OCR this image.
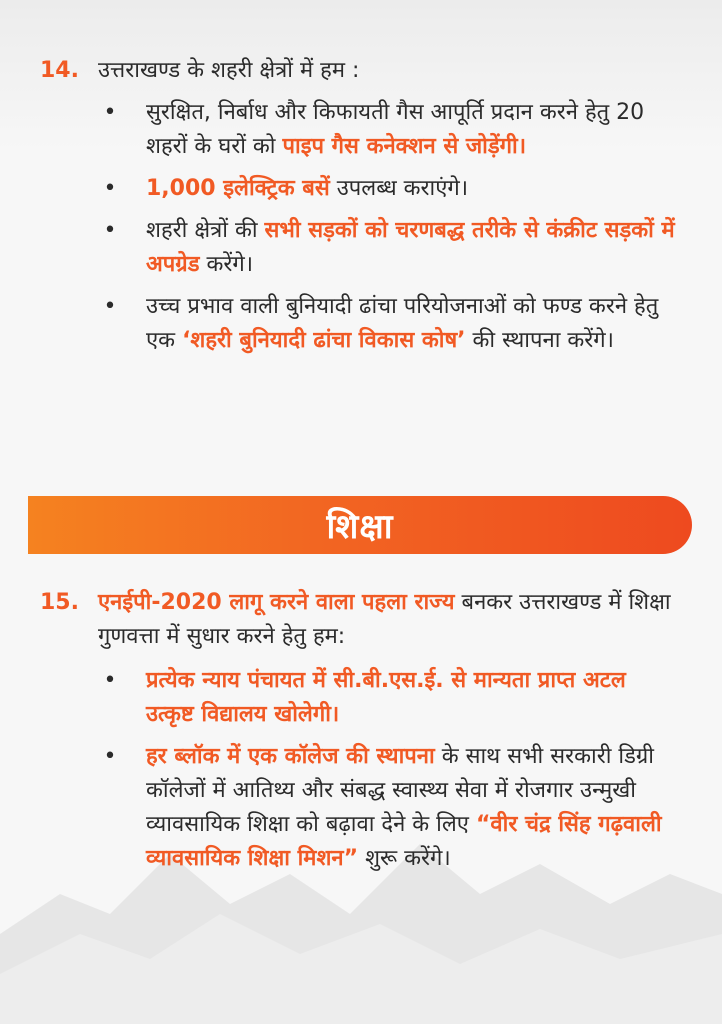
14. उत्तराखण्ड के शहरी क्षेत्रों में हम :
• सुरक्षित, निर्बाध और किफायती गैस आपूर्ति प्रदान करने हेतु 20 शहरों के घरों को पाइप गैस कनेक्शन से जोड़ेंगी।
• 1,000 इलेक्ट्रिक बसें उपलब्ध कराएंगे।
• शहरी क्षेत्रों की सभी सड़कों को चरणबद्ध तरीके से कंक्रीट सड़कों में अपग्रेड करेंगे।
• उच्च प्रभाव वाली बुनियादी ढांचा परियोजनाओं को फण्ड करने हेतु एक ‘शहरी बुनियादी ढांचा विकास कोष’ की स्थापना करेंगे।
शिक्षा
15. एनईपी-2020 लागू करने वाला पहला राज्य बनकर उत्तराखण्ड में शिक्षा गुणवत्ता में सुधार करने हेतु हम:
• प्रत्येक न्याय पंचायत में सी.बी.एस.ई. से मान्यता प्राप्त अटल उत्कृष्ट विद्यालय खोलेगी।
• हर ब्लॉक में एक कॉलेज की स्थापना के साथ सभी सरकारी डिग्री कॉलेजों में आतिथ्य और संबद्ध स्वास्थ्य सेवा में रोजगार उन्मुखी व्यावसायिक शिक्षा को बढ़ावा देने के लिए “वीर चंद्र सिंह गढ़वाली व्यावसायिक शिक्षा मिशन” शुरू करेंगे।
